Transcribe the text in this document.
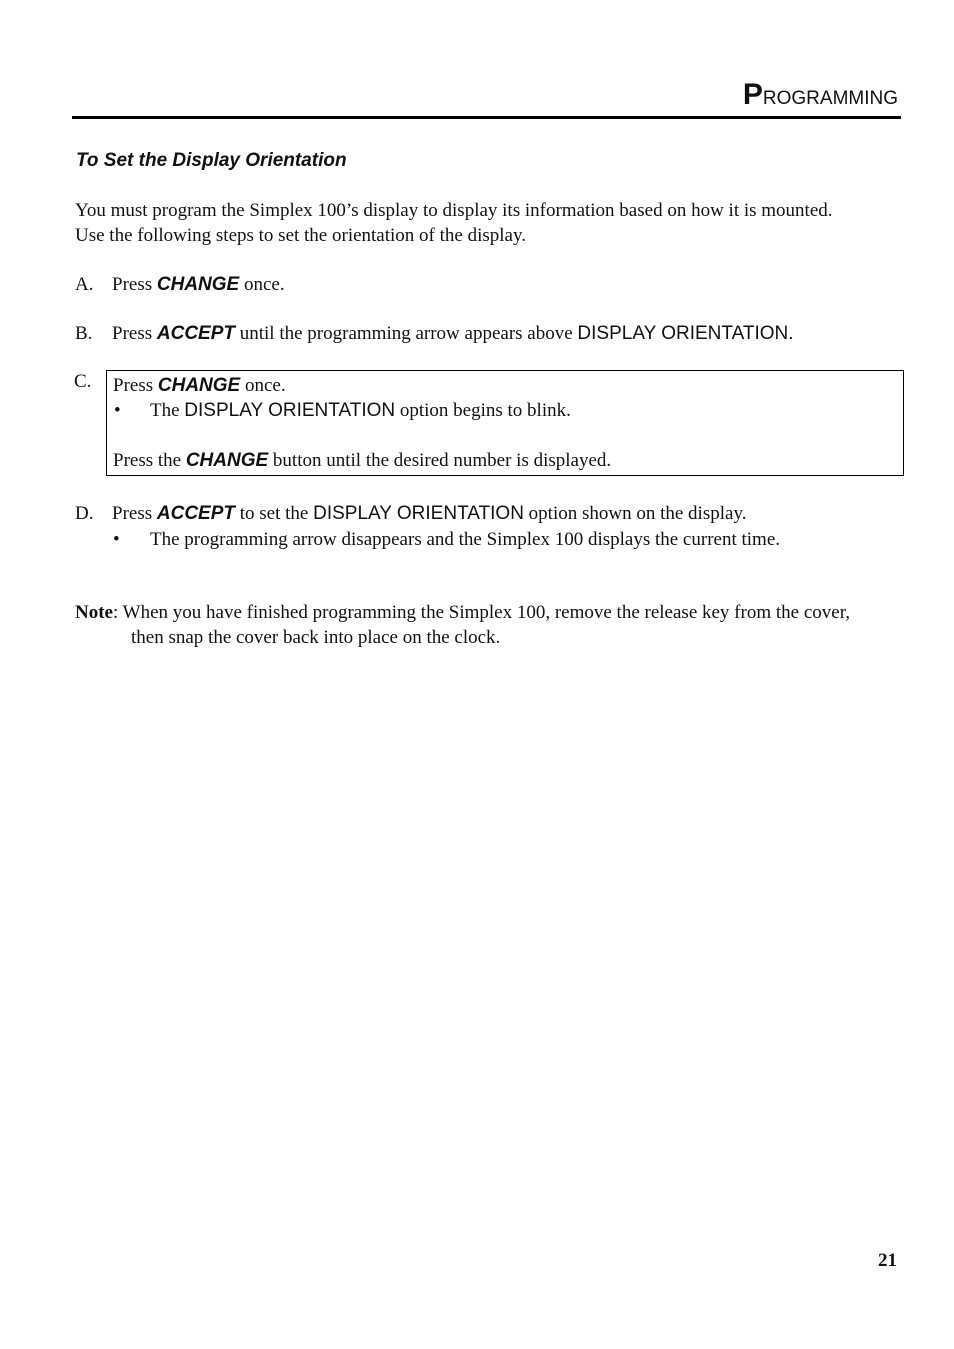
PROGRAMMING
To Set the Display Orientation
You must program the Simplex 100’s display to display its information based on how it is mounted. Use the following steps to set the orientation of the display.
A. Press CHANGE once.
B. Press ACCEPT until the programming arrow appears above DISPLAY ORIENTATION.
C. Press CHANGE once.
• The DISPLAY ORIENTATION option begins to blink.
Press the CHANGE button until the desired number is displayed.
D. Press ACCEPT to set the DISPLAY ORIENTATION option shown on the display.
• The programming arrow disappears and the Simplex 100 displays the current time.
Note: When you have finished programming the Simplex 100, remove the release key from the cover, then snap the cover back into place on the clock.
21
